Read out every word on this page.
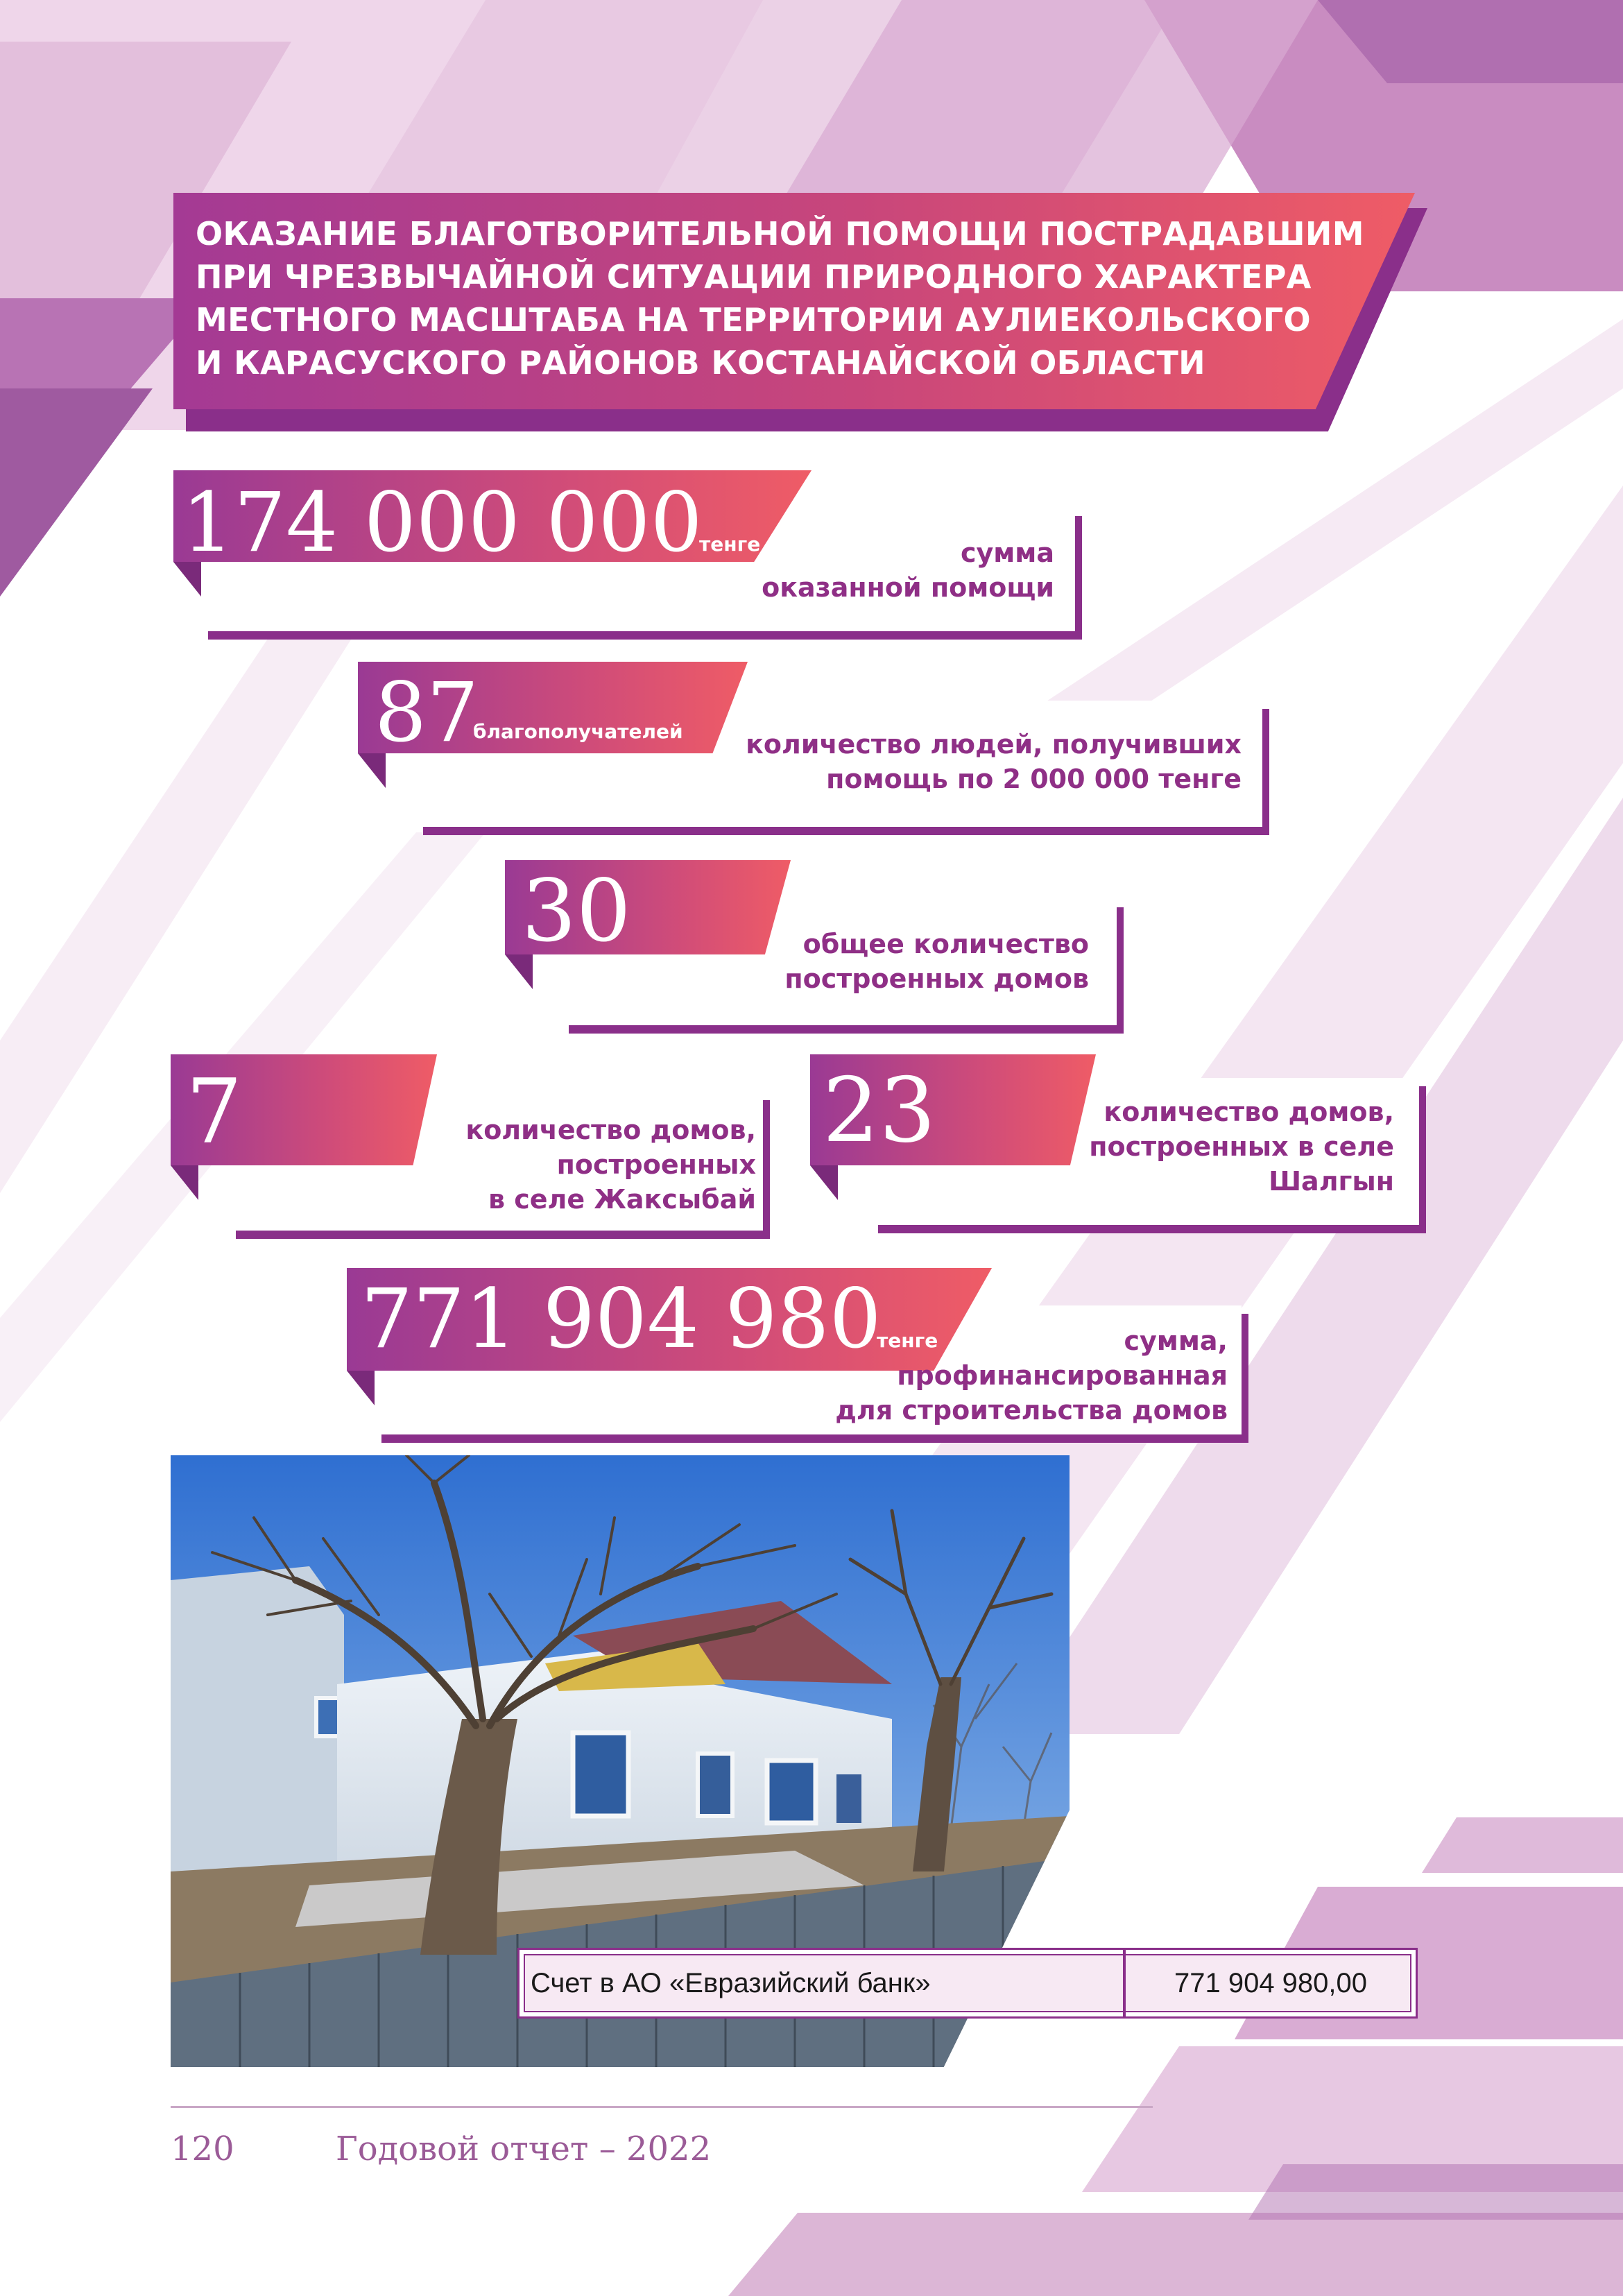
ОКАЗАНИЕ БЛАГОТВОРИТЕЛЬНОЙ ПОМОЩИ ПОСТРАДАВШИМ
ПРИ ЧРЕЗВЫЧАЙНОЙ СИТУАЦИИ ПРИРОДНОГО ХАРАКТЕРА
МЕСТНОГО МАСШТАБА НА ТЕРРИТОРИИ АУЛИЕКОЛЬСКОГО
И КАРАСУСКОГО РАЙОНОВ КОСТАНАЙСКОЙ ОБЛАСТИ
174 000 000
тенге	сумма
оказанной помощи
87
благополучателей	количество людей, получивших
помощь по 2 000 000 тенге
30	общее количество
построенных домов
7	количество домов,
построенных
в селе Жаксыбай
23	количество домов,
построенных в селе
Шалгын
771 904 980
тенге	сумма,
профинансированная
для строительства домов
Счет в АО «Евразийский банк»	771 904 980,00
120	Годовой отчет – 2022
